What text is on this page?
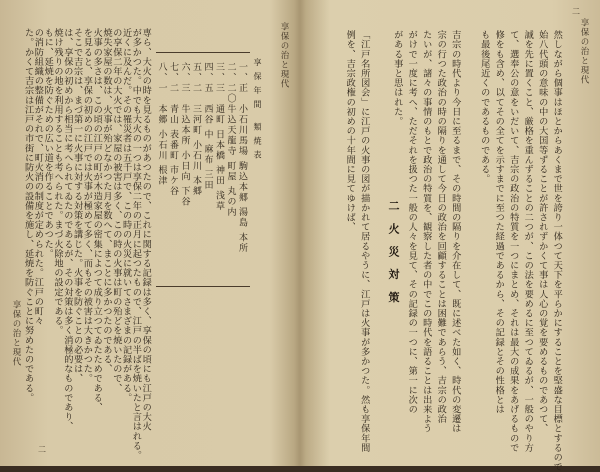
享保の治と現代
二
然しながら個事はほとからあくまで世を誇り一体つて天下を平らかにすることを堅盛な目標とするので
始八代頭の意味の中の大国等ずることが許されずかくて事は人心の覚を要めるものであつて、
誠を先に置くこと、厳格を重んずることの二つが、この法を要めるに至つてゐるが、一般のやり方
て、選奉公の意をいだいて、吉宗の政治の特質を一つにまとめ、それは最大の成果をあげるもので
修をも含め、以てその全てを示すまでに至つた経過であるから、その記録とその性格とは
も最後尾近くのであるものである。
吉宗の時代より今日に至るまで、その時間の隔りを介在して、既に述べた如く、時代の変遷は
宗の行つた政治の時の隔りを通して今日の政治を回顧することは困難であらう、吉宗の政治
たいが、諸々の事情のもとで政治の特質を、観察した者の中でこの時代を語ることは出来よう
がけで一度に考へ、ただそれを扱つた一般の人々を見て、その記録の一つに、第一に次の
がある事と思はれた。
「江戸名所図会」に江戸の火事の図が描かれて居るやうに、江戸は火事が多かつた。然も享保年間
例を、吉宗政権の初めの十年間に見てゆけば、
二 火 災 対 策
享保の治と現代
二
享保の治と現代
享保年間 類焼表
一、正
小石川馬場 駒込本郷 湯島 本所
二、二〇
牛込天龍寺 町屋 丸の内
三、三
通町 日本橋 神田 浅草
四、五
西谷 中 麻布 三田
五、二
三河町 小石川 本郷
六、三
牛込本所 小日向 下谷
七、二
青山 表番町 市ケ谷
八、一
本郷 小石川 根津
専ら、大火の時を見るものがあつたので、これに関する記録は多く、享保の頃にも江戸の大火
が多かつた。中でも大火の一つは享保二年の正月に起つたもので、江戸の半ばを焼いたと言はれる。
近くに及んだ。その罹災者は五千戸で、この時の火災に就いてさまざまの記録がある。
の享保二年の大火では、家屋の被害は多く、この時の火事は町の殆どを焼いたので、
焼失家屋の数は、火事が殆どなかつた月を数へて、まことに多かつたのである、
火事の多さは、この頃の江戸の町が木造家屋の密集によつて成り立つてゐたためである、
を見ると、享保の初めの江戸では火事が極めて多く、而もその被害は大きかつた。
そこで吉宗は、まづ第一に火事に対する対策を講じた。火事を防ぐことの必要は、
は、享保の初めから相当に考へられてゐたのであるが、その対策は多く消極的なものであり、
焼け残りの地を利用することも考へられた。まづ火除地の設定である。
もに、延焼を防ぐための広い道を作ることであつた。
の消防組織の整備がそれで、町火消の制度が定められた。江戸の町々
た。かくて吉宗は江戸の市街に防火の設備を施し、延焼を防ぐことに努めたのである。
